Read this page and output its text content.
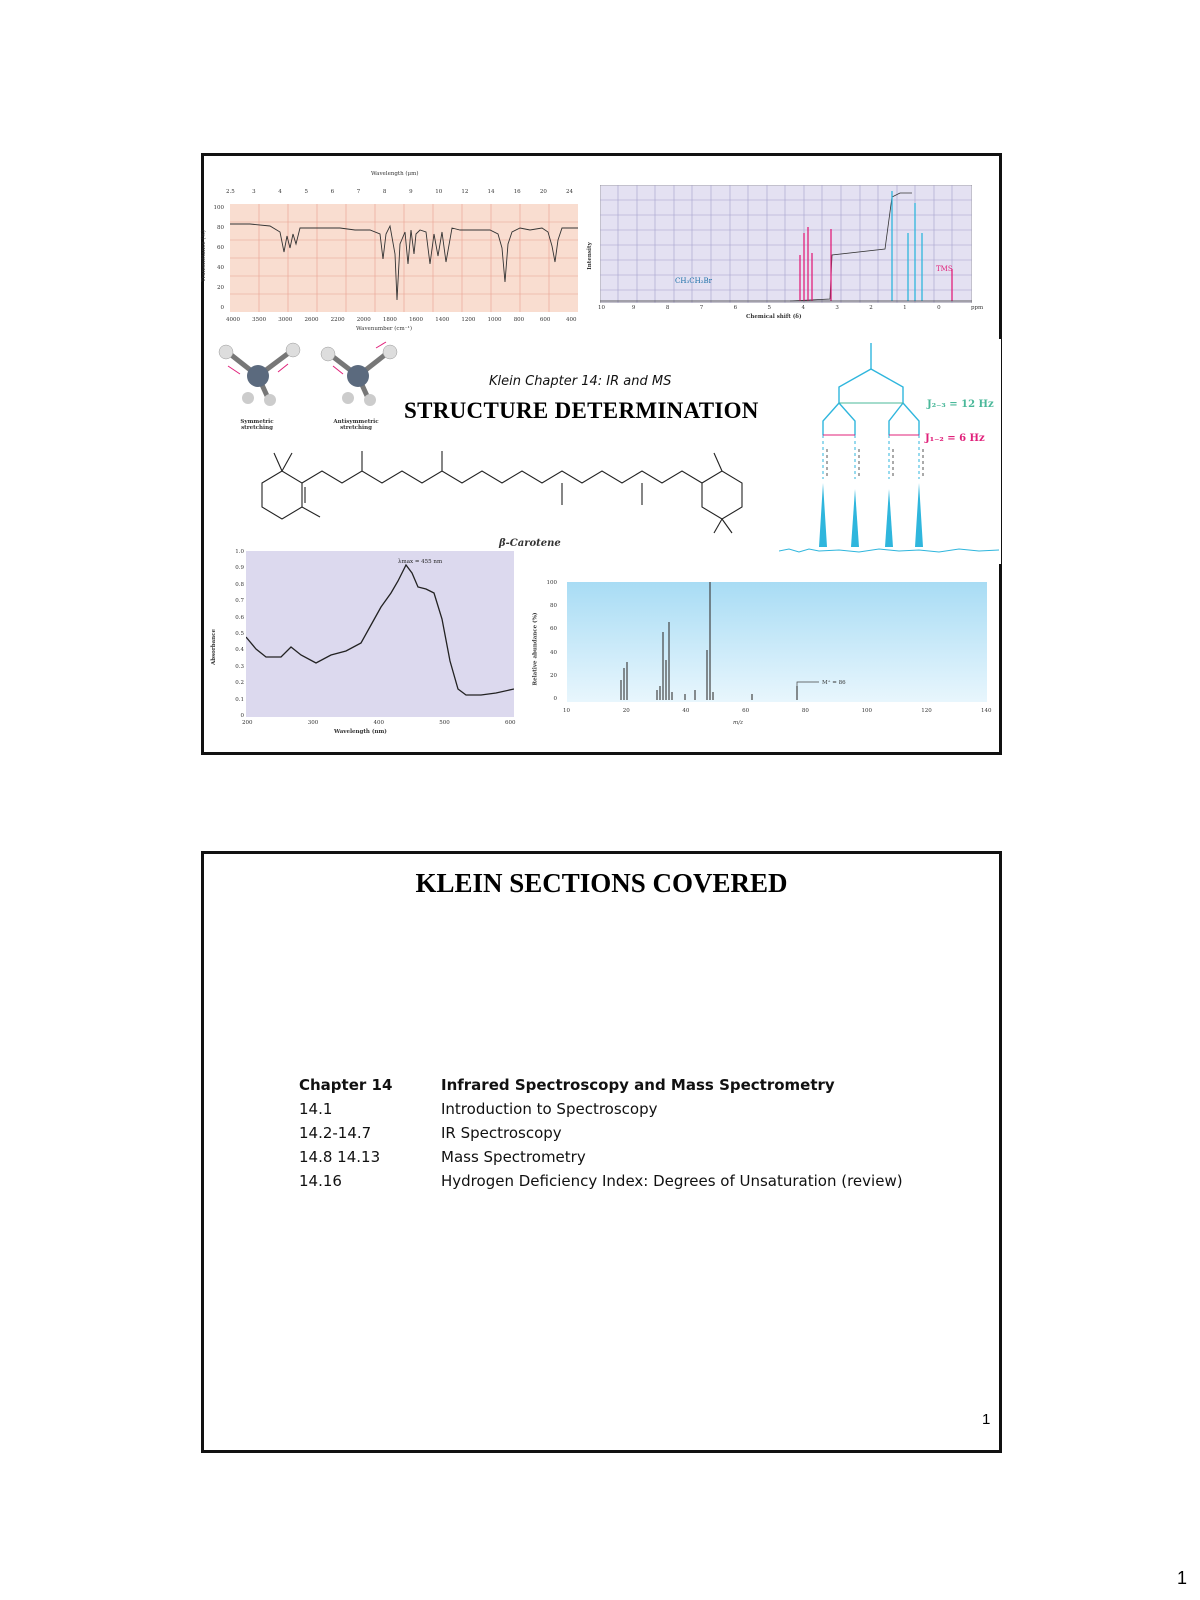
Wavelength (μm)
2.5	3	4	5	6	7	8	9	10	12	14	16	20	24
Transmittance (%)
100
80
60
40
20
0
4000 3500 3000 2600 2200 2000 1800 1600 1400 1200 1000 800	600	400
Wavenumber (cm⁻¹)
Intensity
CH₃CH₂Br
TMS
10	9	8	7	6	5	4	3	2	1	0	ppm
Chemical shift (δ)
Symmetric stretching
Antisymmetric stretching
Klein Chapter 14: IR and MS
STRUCTURE DETERMINATION	J₂₋₃ = 12 Hz
J₁₋₂ = 6 Hz
β-Carotene
Absorbance
1.0
0.9
0.8
0.7
0.6
0.5
0.4
0.3
0.2
0.1
0
λmax = 455 nm
200	300	400	500	600
Wavelength (nm)
Relative abundance (%)
100
80
60
40
20
0
M⁺ = 86
10	20	40	60	80	100	120	140
m/z
KLEIN SECTIONS COVERED
Chapter 14	Infrared Spectroscopy and Mass Spectrometry
14.1	Introduction to Spectroscopy
14.2-14.7	IR Spectroscopy
14.8 14.13	Mass Spectrometry
14.16	Hydrogen Deficiency Index: Degrees of Unsaturation (review)
1
1
